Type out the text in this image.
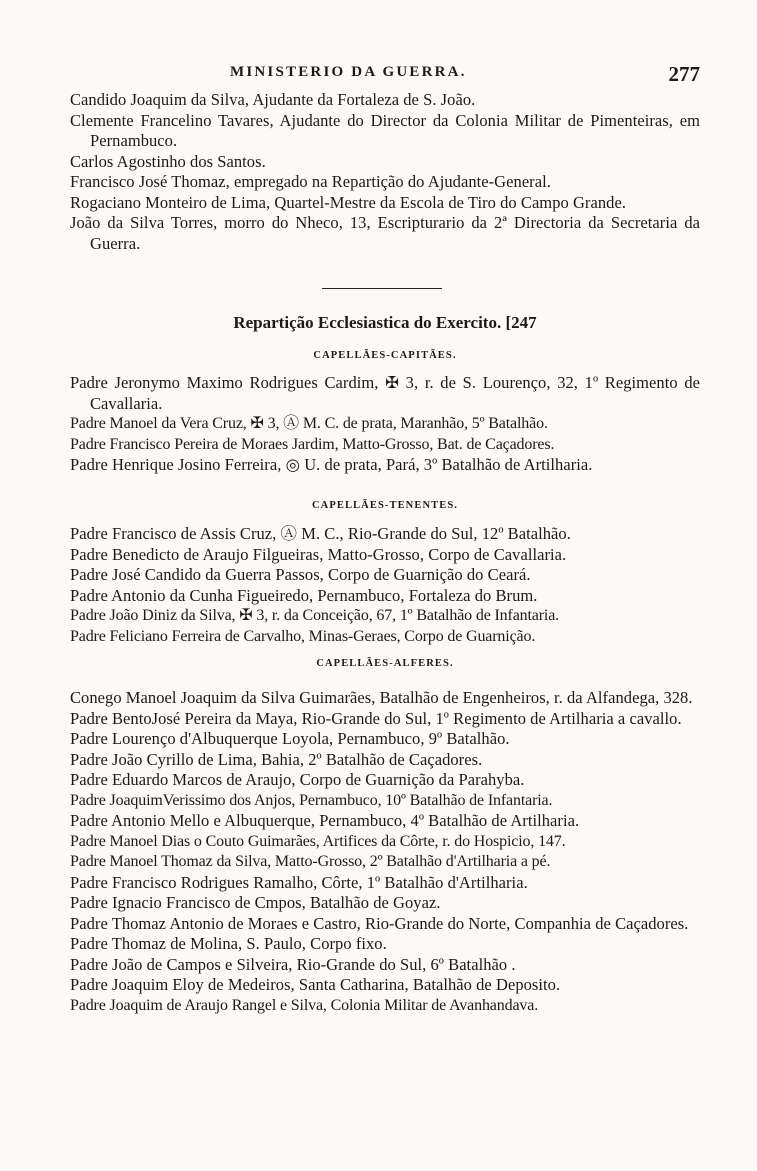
MINISTERIO DA GUERRA.	277
Candido Joaquim da Silva, Ajudante da Fortaleza de S. João.
Clemente Francelino Tavares, Ajudante do Director da Colonia Militar de Pimenteiras, em Pernambuco.
Carlos Agostinho dos Santos.
Francisco José Thomaz, empregado na Repartição do Ajudante-General.
Rogaciano Monteiro de Lima, Quartel-Mestre da Escola de Tiro do Campo Grande.
João da Silva Torres, morro do Nheco, 13, Escripturario da 2ª Directoria da Secretaria da Guerra.
Repartição Ecclesiastica do Exercito. [247
CAPELLÃES-CAPITÃES.
Padre Jeronymo Maximo Rodrigues Cardim, ✠ 3, r. de S. Lourenço, 32, 1º Regimento de Cavallaria.
Padre Manoel da Vera Cruz, ✠ 3, Ⓐ M. C. de prata, Maranhão, 5º Batalhão.
Padre Francisco Pereira de Moraes Jardim, Matto-Grosso, Bat. de Caçadores.
Padre Henrique Josino Ferreira, ◎ U. de prata, Pará, 3º Batalhão de Artilharia.
CAPELLÃES-TENENTES.
Padre Francisco de Assis Cruz, Ⓐ M. C., Rio-Grande do Sul, 12º Batalhão.
Padre Benedicto de Araujo Filgueiras, Matto-Grosso, Corpo de Cavallaria.
Padre José Candido da Guerra Passos, Corpo de Guarnição do Ceará.
Padre Antonio da Cunha Figueiredo, Pernambuco, Fortaleza do Brum.
Padre João Diniz da Silva, ✠ 3, r. da Conceição, 67, 1º Batalhão de Infantaria.
Padre Feliciano Ferreira de Carvalho, Minas-Geraes, Corpo de Guarnição.
CAPELLÃES-ALFERES.
Conego Manoel Joaquim da Silva Guimarães, Batalhão de Engenheiros, r. da Alfandega, 328.
Padre BentoJosé Pereira da Maya, Rio-Grande do Sul, 1º Regimento de Artilharia a cavallo.
Padre Lourenço d'Albuquerque Loyola, Pernambuco, 9º Batalhão.
Padre João Cyrillo de Lima, Bahia, 2º Batalhão de Caçadores.
Padre Eduardo Marcos de Araujo, Corpo de Guarnição da Parahyba.
Padre JoaquimVerissimo dos Anjos, Pernambuco, 10º Batalhão de Infantaria.
Padre Antonio Mello e Albuquerque, Pernambuco, 4º Batalhão de Artilharia.
Padre Manoel Dias o Couto Guimarães, Artifices da Côrte, r. do Hospicio, 147.
Padre Manoel Thomaz da Silva, Matto-Grosso, 2º Batalhão d'Artilharia a pé.
Padre Francisco Rodrigues Ramalho, Côrte, 1º Batalhão d'Artilharia.
Padre Ignacio Francisco de Cmpos, Batalhão de Goyaz.
Padre Thomaz Antonio de Moraes e Castro, Rio-Grande do Norte, Companhia de Caçadores.
Padre Thomaz de Molina, S. Paulo, Corpo fixo.
Padre João de Campos e Silveira, Rio-Grande do Sul, 6º Batalhão .
Padre Joaquim Eloy de Medeiros, Santa Catharina, Batalhão de Deposito.
Padre Joaquim de Araujo Rangel e Silva, Colonia Militar de Avanhandava.
